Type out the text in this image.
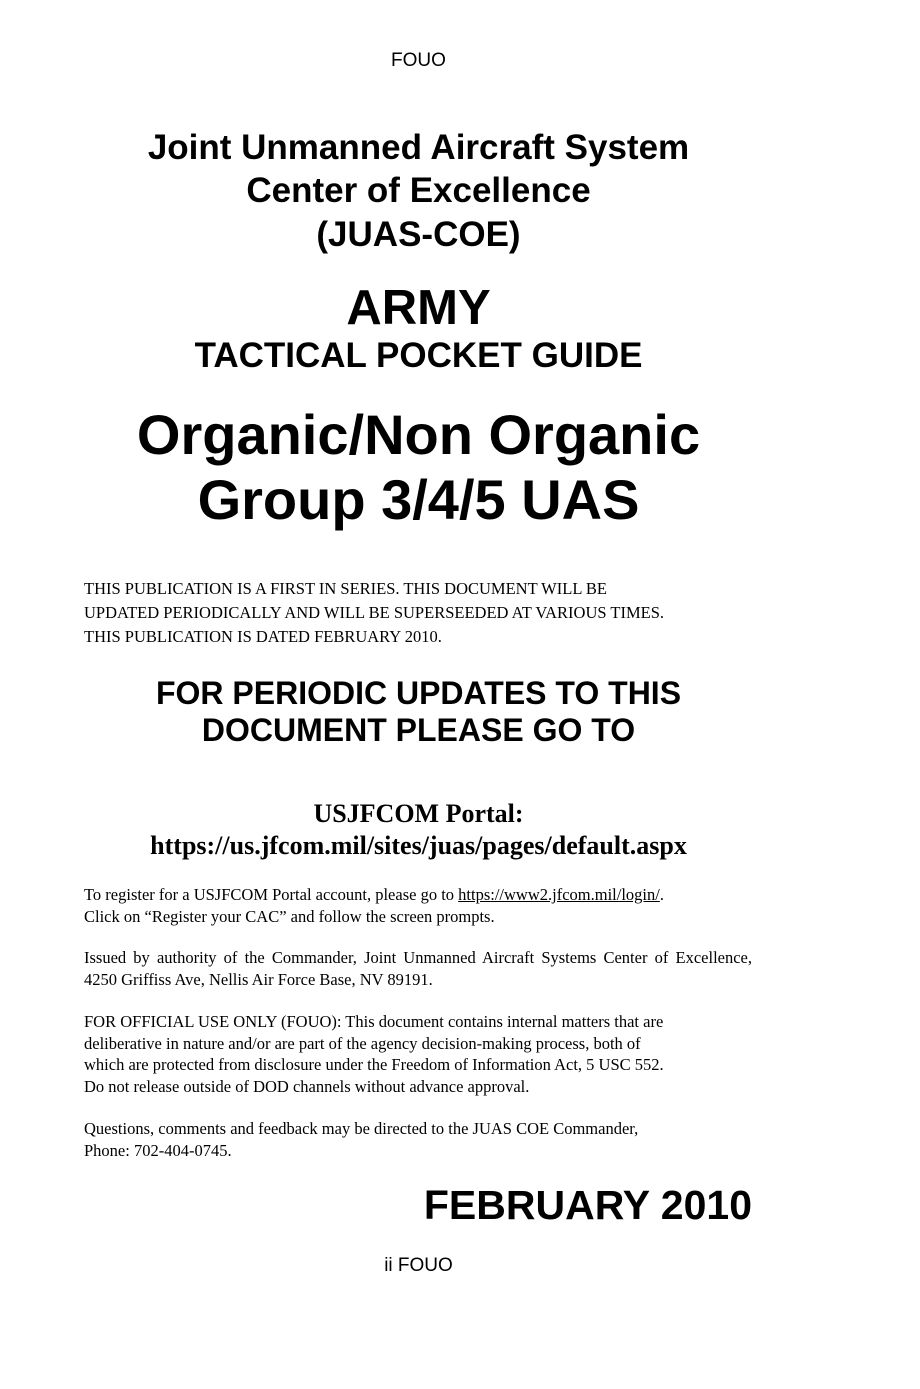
FOUO
Joint Unmanned Aircraft System
Center of Excellence
(JUAS-COE)
ARMY
TACTICAL POCKET GUIDE
Organic/Non Organic
Group 3/4/5 UAS
THIS PUBLICATION IS A FIRST IN SERIES. THIS DOCUMENT WILL BE
UPDATED PERIODICALLY AND WILL BE SUPERSEEDED AT VARIOUS TIMES.
THIS PUBLICATION IS DATED FEBRUARY 2010.
FOR PERIODIC UPDATES TO THIS
DOCUMENT PLEASE GO TO
USJFCOM Portal:
https://us.jfcom.mil/sites/juas/pages/default.aspx

To register for a USJFCOM Portal account, please go to https://www2.jfcom.mil/login/.
Click on “Register your CAC” and follow the screen prompts.

Issued by authority of the Commander, Joint Unmanned Aircraft Systems Center of Excellence, 4250 Griffiss Ave, Nellis Air Force Base, NV 89191.

FOR OFFICIAL USE ONLY (FOUO): This document contains internal matters that are
deliberative in nature and/or are part of the agency decision-making process, both of
which are protected from disclosure under the Freedom of Information Act, 5 USC 552.
Do not release outside of DOD channels without advance approval.

Questions, comments and feedback may be directed to the JUAS COE Commander,
Phone: 702-404-0745.

FEBRUARY 2010
ii FOUO
